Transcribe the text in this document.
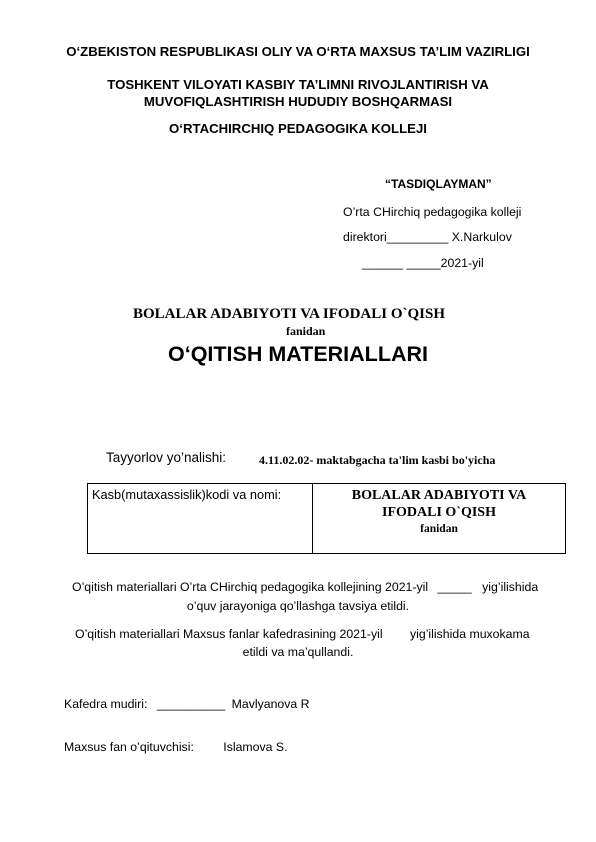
O‘ZBEKISTON RESPUBLIKASI OLIY VA O‘RTA MAXSUS TA’LIM VAZIRLIGI
TOSHKENT VILOYATI KASBIY TA’LIMNI RIVOJLANTIRISH VA
MUVOFIQLASHTIRISH HUDUDIY BOSHQARMASI
O‘RTACHIRCHIQ PEDAGOGIKA KOLLEJI
“TASDIQLAYMAN”
O’rta CHirchiq pedagogika kolleji
direktori_________ X.Narkulov
______ _____2021-yil
BOLALAR ADABIYOTI VA IFODALI O`QISH
fanidan
O‘QITISH MATERIALLARI
Tayyorlov yo’nalishi:	4.11.02.02- maktabgacha ta'lim kasbi bo'yicha
Kasb(mutaxassislik)kodi va nomi:	BOLALAR ADABIYOTI VA
IFODALI O`QISH
fanidan
O’qitish materiallari O’rta CHirchiq pedagogika kollejining 2021-yil _____ yig’ilishida
o’quv jarayoniga qo’llashga tavsiya etildi.
O’qitish materiallari Maxsus fanlar kafedrasining 2021-yil yig’ilishida muxokama
etildi va ma’qullandi.
Kafedra mudiri: __________ Mavlyanova R
Maxsus fan o’qituvchisi: Islamova S.
